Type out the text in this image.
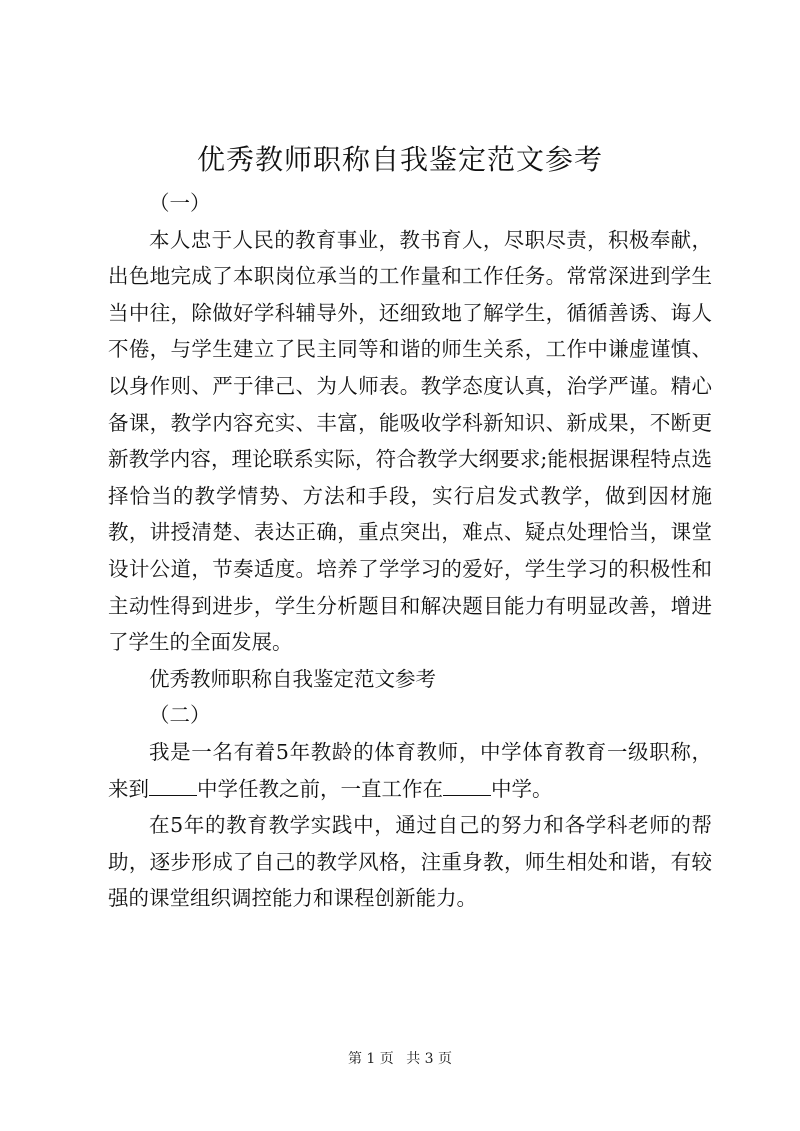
优秀教师职称自我鉴定范文参考

（一）

本人忠于人民的教育事业，教书育人，尽职尽责，积极奉献，出色地完成了本职岗位承当的工作量和工作任务。常常深进到学生当中往，除做好学科辅导外，还细致地了解学生，循循善诱、诲人不倦，与学生建立了民主同等和谐的师生关系，工作中谦虚谨慎、以身作则、严于律己、为人师表。教学态度认真，治学严谨。精心备课，教学内容充实、丰富，能吸收学科新知识、新成果，不断更新教学内容，理论联系实际，符合教学大纲要求;能根据课程特点选择恰当的教学情势、方法和手段，实行启发式教学，做到因材施教，讲授清楚、表达正确，重点突出，难点、疑点处理恰当，课堂设计公道，节奏适度。培养了学学习的爱好，学生学习的积极性和主动性得到进步，学生分析题目和解决题目能力有明显改善，增进了学生的全面发展。

优秀教师职称自我鉴定范文参考

（二）

我是一名有着5年教龄的体育教师，中学体育教育一级职称，来到 中学任教之前，一直工作在 中学。

在5年的教育教学实践中，通过自己的努力和各学科老师的帮助，逐步形成了自己的教学风格，注重身教，师生相处和谐，有较强的课堂组织调控能力和课程创新能力。

第 1 页 共 3 页
